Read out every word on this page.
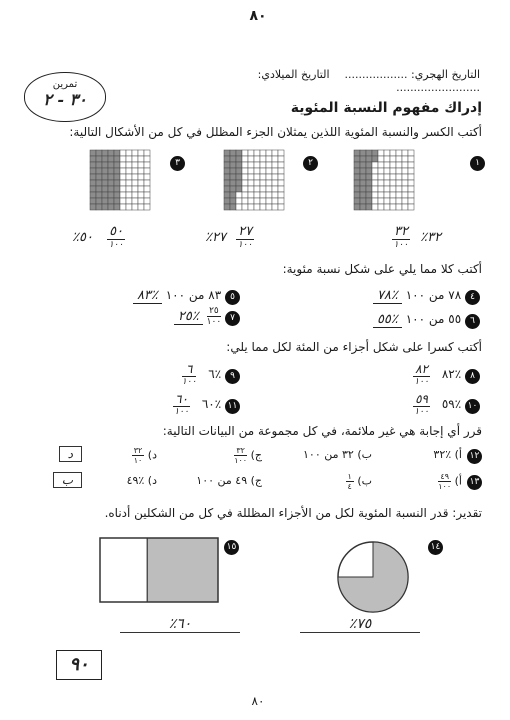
٨٠
التاريخ الهجري: ..................  التاريخ الميلادي: ........................
تمرين
٣٠ - ٢	إدراك مفهوم النسبة المئوية
أكتب الكسر والنسبة المئوية اللذين يمثلان الجزء المظلل في كل من الأشكال التالية:
١
٢
٣
$\frac{٣٢}{١٠٠}$ ٪٣٢
٪٢٧ $\frac{٢٧}{١٠٠}$
٪٥٠ $\frac{٥٠}{١٠٠}$
أكتب كلا مما يلي على شكل نسبة مئوية:
٤ ٧٨ من ١٠٠ ٪٧٨
٥ ٨٣ من ١٠٠ ٪٨٣
٦ ٥٥ من ١٠٠ ٪٥٥
٧
$\frac{٢٥}{١٠٠}$
٪٢٥
أكتب كسرا على شكل أجزاء من المئة لكل مما يلي:
٨ ٪٨٢
$\frac{٨٢}{١٠٠}$
٩ ٪٦
$\frac{٦}{١٠٠}$
١٠ ٪٥٩
$\frac{٥٩}{١٠٠}$
١١ ٪٦٠
$\frac{٦٠}{١٠٠}$
قرر أي إجابة هي غير ملائمة، في كل مجموعة من البيانات التالية:
١٢
أ) ٪٣٢
ب) ٣٢ من ١٠٠
ج)
$\frac{٣٢}{١٠٠}$
د)
$\frac{٣٢}{١٠}$
د
١٣
أ)
$\frac{٤٩}{١٠٠}$
ب)
$\frac{١}{٤}$
ج) ٤٩ من ١٠٠
د) ٪٤٩
ب
تقدير: قدر النسبة المئوية لكل من الأجزاء المظللة في كل من الشكلين أدناه.
١٤
١٥
٪٧٥
٪٦٠
٩٠
٨٠
